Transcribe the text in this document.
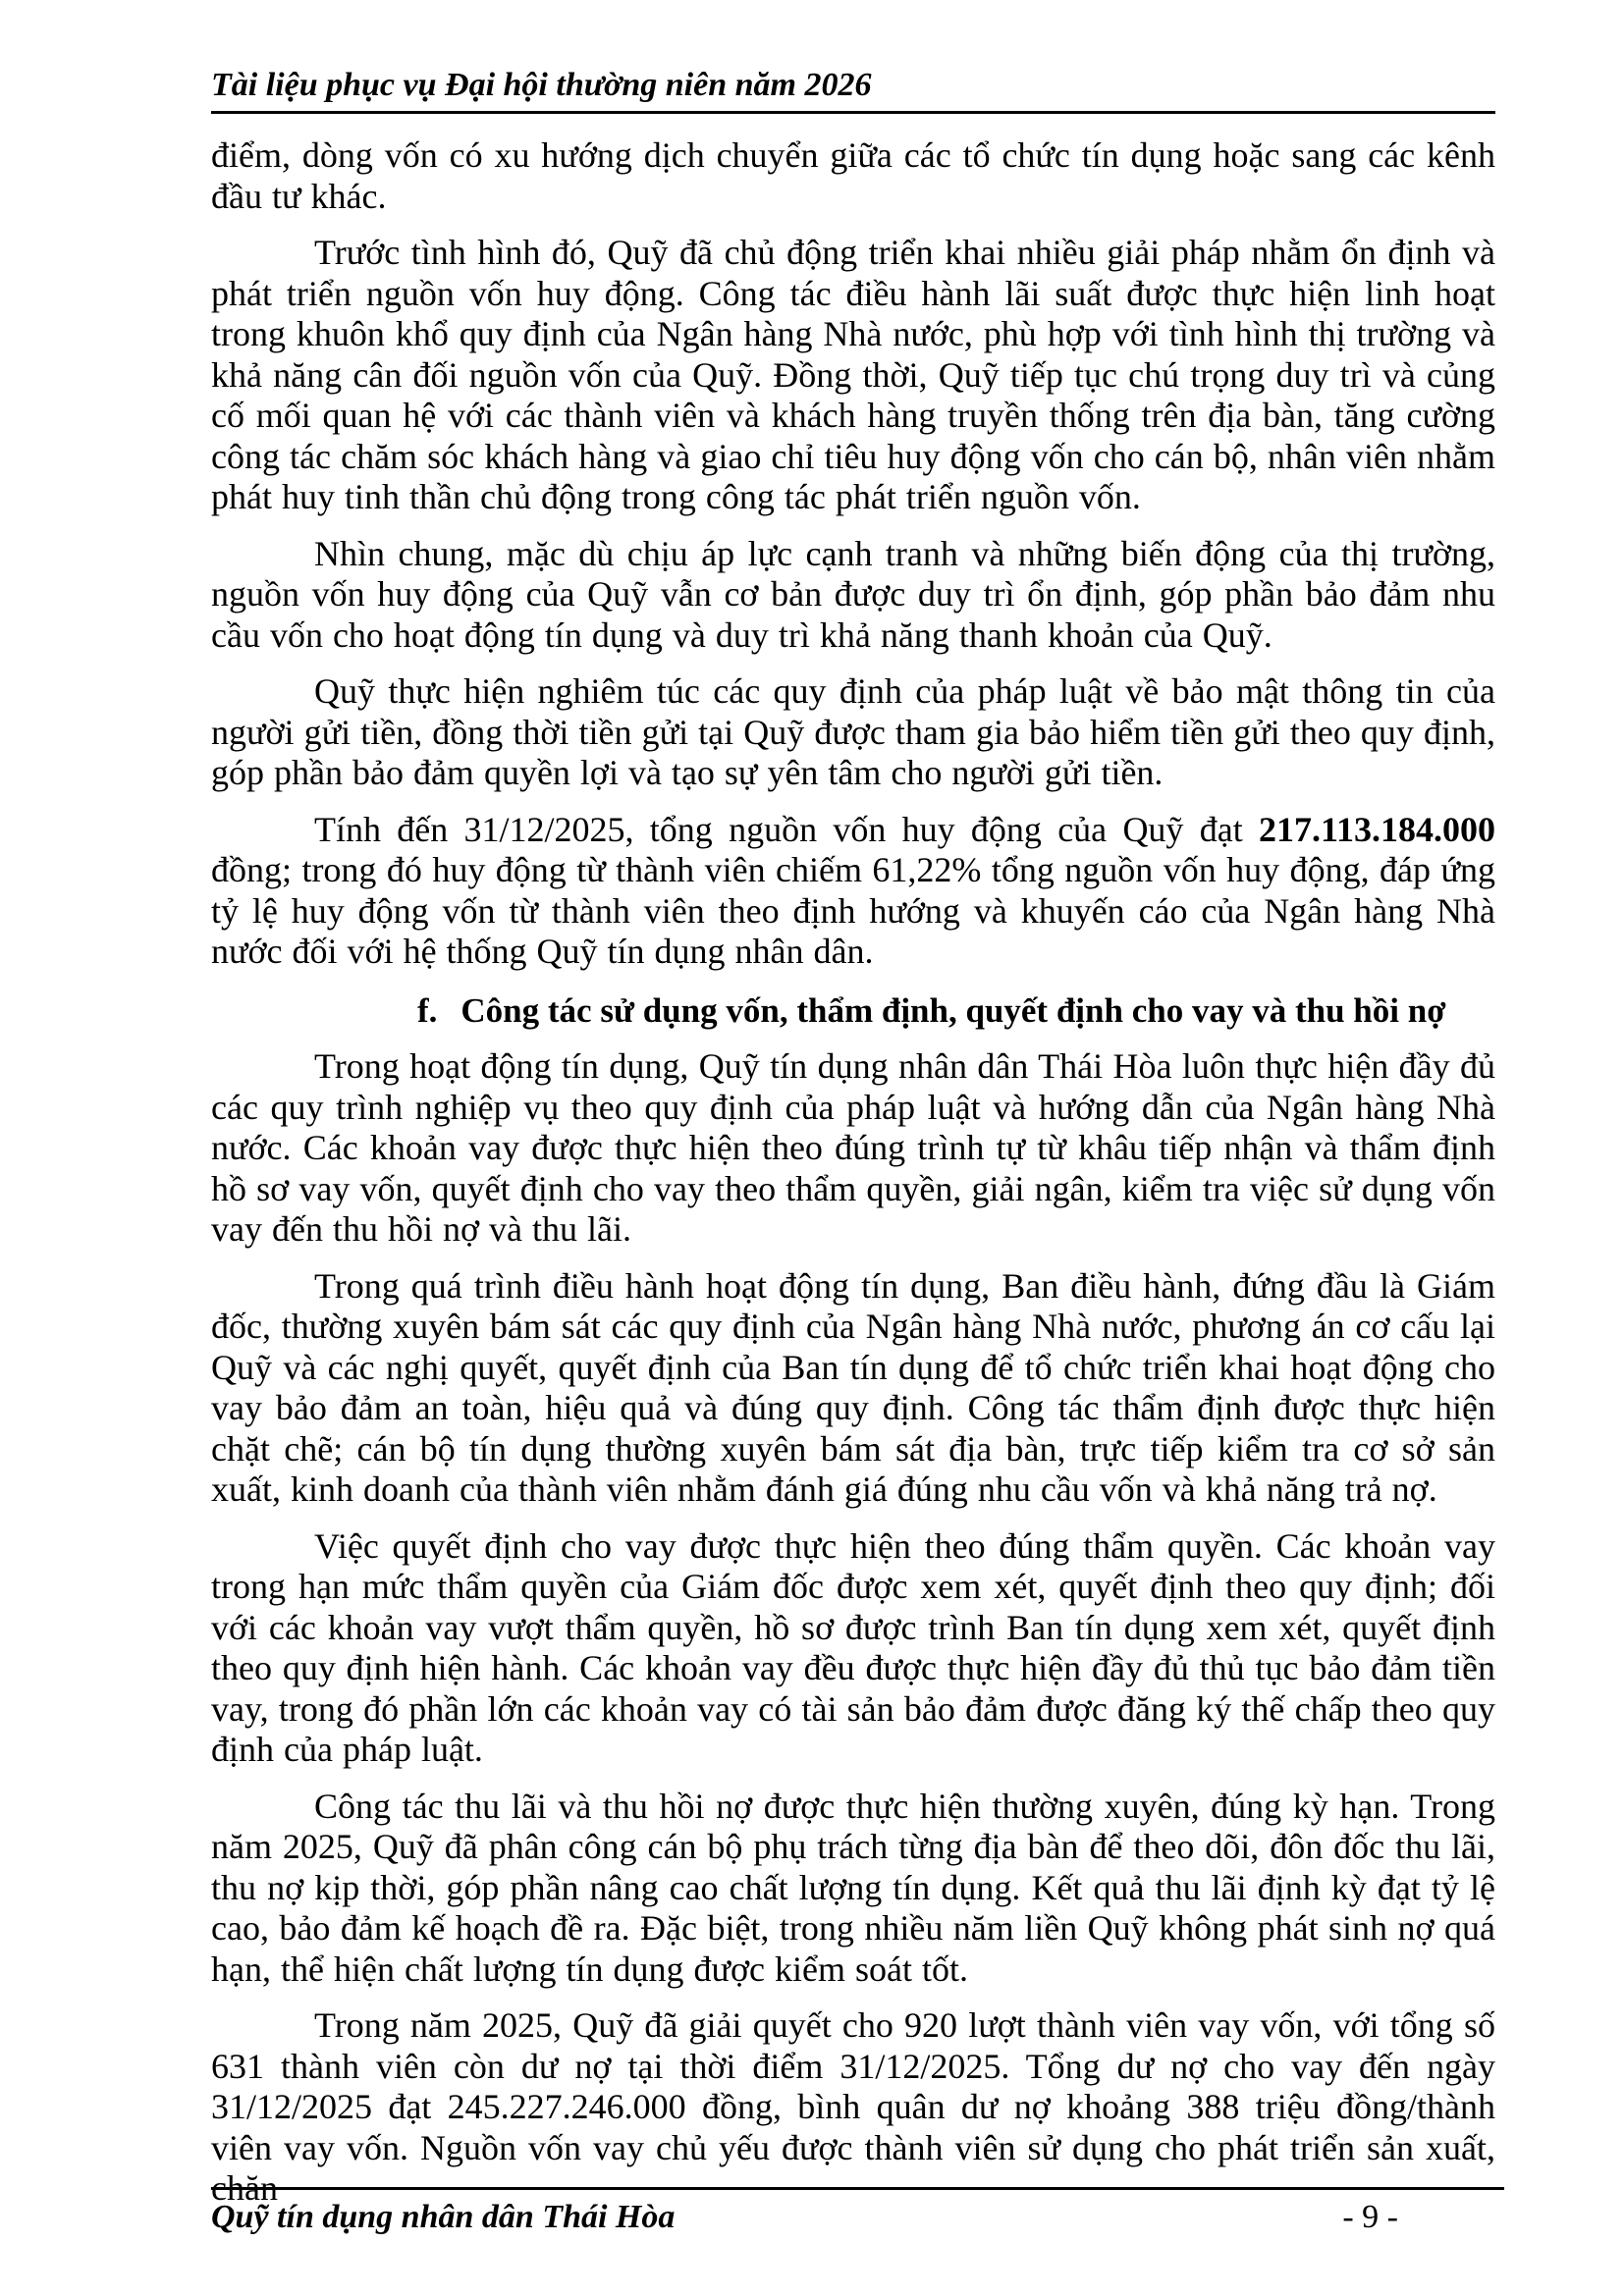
Tài liệu phục vụ Đại hội thường niên năm 2026

điểm, dòng vốn có xu hướng dịch chuyển giữa các tổ chức tín dụng hoặc sang các kênh đầu tư khác.

Trước tình hình đó, Quỹ đã chủ động triển khai nhiều giải pháp nhằm ổn định và phát triển nguồn vốn huy động. Công tác điều hành lãi suất được thực hiện linh hoạt trong khuôn khổ quy định của Ngân hàng Nhà nước, phù hợp với tình hình thị trường và khả năng cân đối nguồn vốn của Quỹ. Đồng thời, Quỹ tiếp tục chú trọng duy trì và củng cố mối quan hệ với các thành viên và khách hàng truyền thống trên địa bàn, tăng cường công tác chăm sóc khách hàng và giao chỉ tiêu huy động vốn cho cán bộ, nhân viên nhằm phát huy tinh thần chủ động trong công tác phát triển nguồn vốn.

Nhìn chung, mặc dù chịu áp lực cạnh tranh và những biến động của thị trường, nguồn vốn huy động của Quỹ vẫn cơ bản được duy trì ổn định, góp phần bảo đảm nhu cầu vốn cho hoạt động tín dụng và duy trì khả năng thanh khoản của Quỹ.

Quỹ thực hiện nghiêm túc các quy định của pháp luật về bảo mật thông tin của người gửi tiền, đồng thời tiền gửi tại Quỹ được tham gia bảo hiểm tiền gửi theo quy định, góp phần bảo đảm quyền lợi và tạo sự yên tâm cho người gửi tiền.

Tính đến 31/12/2025, tổng nguồn vốn huy động của Quỹ đạt 217.113.184.000 đồng; trong đó huy động từ thành viên chiếm 61,22% tổng nguồn vốn huy động, đáp ứng tỷ lệ huy động vốn từ thành viên theo định hướng và khuyến cáo của Ngân hàng Nhà nước đối với hệ thống Quỹ tín dụng nhân dân.

f. Công tác sử dụng vốn, thẩm định, quyết định cho vay và thu hồi nợ

Trong hoạt động tín dụng, Quỹ tín dụng nhân dân Thái Hòa luôn thực hiện đầy đủ các quy trình nghiệp vụ theo quy định của pháp luật và hướng dẫn của Ngân hàng Nhà nước. Các khoản vay được thực hiện theo đúng trình tự từ khâu tiếp nhận và thẩm định hồ sơ vay vốn, quyết định cho vay theo thẩm quyền, giải ngân, kiểm tra việc sử dụng vốn vay đến thu hồi nợ và thu lãi.

Trong quá trình điều hành hoạt động tín dụng, Ban điều hành, đứng đầu là Giám đốc, thường xuyên bám sát các quy định của Ngân hàng Nhà nước, phương án cơ cấu lại Quỹ và các nghị quyết, quyết định của Ban tín dụng để tổ chức triển khai hoạt động cho vay bảo đảm an toàn, hiệu quả và đúng quy định. Công tác thẩm định được thực hiện chặt chẽ; cán bộ tín dụng thường xuyên bám sát địa bàn, trực tiếp kiểm tra cơ sở sản xuất, kinh doanh của thành viên nhằm đánh giá đúng nhu cầu vốn và khả năng trả nợ.

Việc quyết định cho vay được thực hiện theo đúng thẩm quyền. Các khoản vay trong hạn mức thẩm quyền của Giám đốc được xem xét, quyết định theo quy định; đối với các khoản vay vượt thẩm quyền, hồ sơ được trình Ban tín dụng xem xét, quyết định theo quy định hiện hành. Các khoản vay đều được thực hiện đầy đủ thủ tục bảo đảm tiền vay, trong đó phần lớn các khoản vay có tài sản bảo đảm được đăng ký thế chấp theo quy định của pháp luật.

Công tác thu lãi và thu hồi nợ được thực hiện thường xuyên, đúng kỳ hạn. Trong năm 2025, Quỹ đã phân công cán bộ phụ trách từng địa bàn để theo dõi, đôn đốc thu lãi, thu nợ kịp thời, góp phần nâng cao chất lượng tín dụng. Kết quả thu lãi định kỳ đạt tỷ lệ cao, bảo đảm kế hoạch đề ra. Đặc biệt, trong nhiều năm liền Quỹ không phát sinh nợ quá hạn, thể hiện chất lượng tín dụng được kiểm soát tốt.

Trong năm 2025, Quỹ đã giải quyết cho 920 lượt thành viên vay vốn, với tổng số 631 thành viên còn dư nợ tại thời điểm 31/12/2025. Tổng dư nợ cho vay đến ngày 31/12/2025 đạt 245.227.246.000 đồng, bình quân dư nợ khoảng 388 triệu đồng/thành viên vay vốn. Nguồn vốn vay chủ yếu được thành viên sử dụng cho phát triển sản xuất, chăn

Quỹ tín dụng nhân dân Thái Hòa	- 9 -
